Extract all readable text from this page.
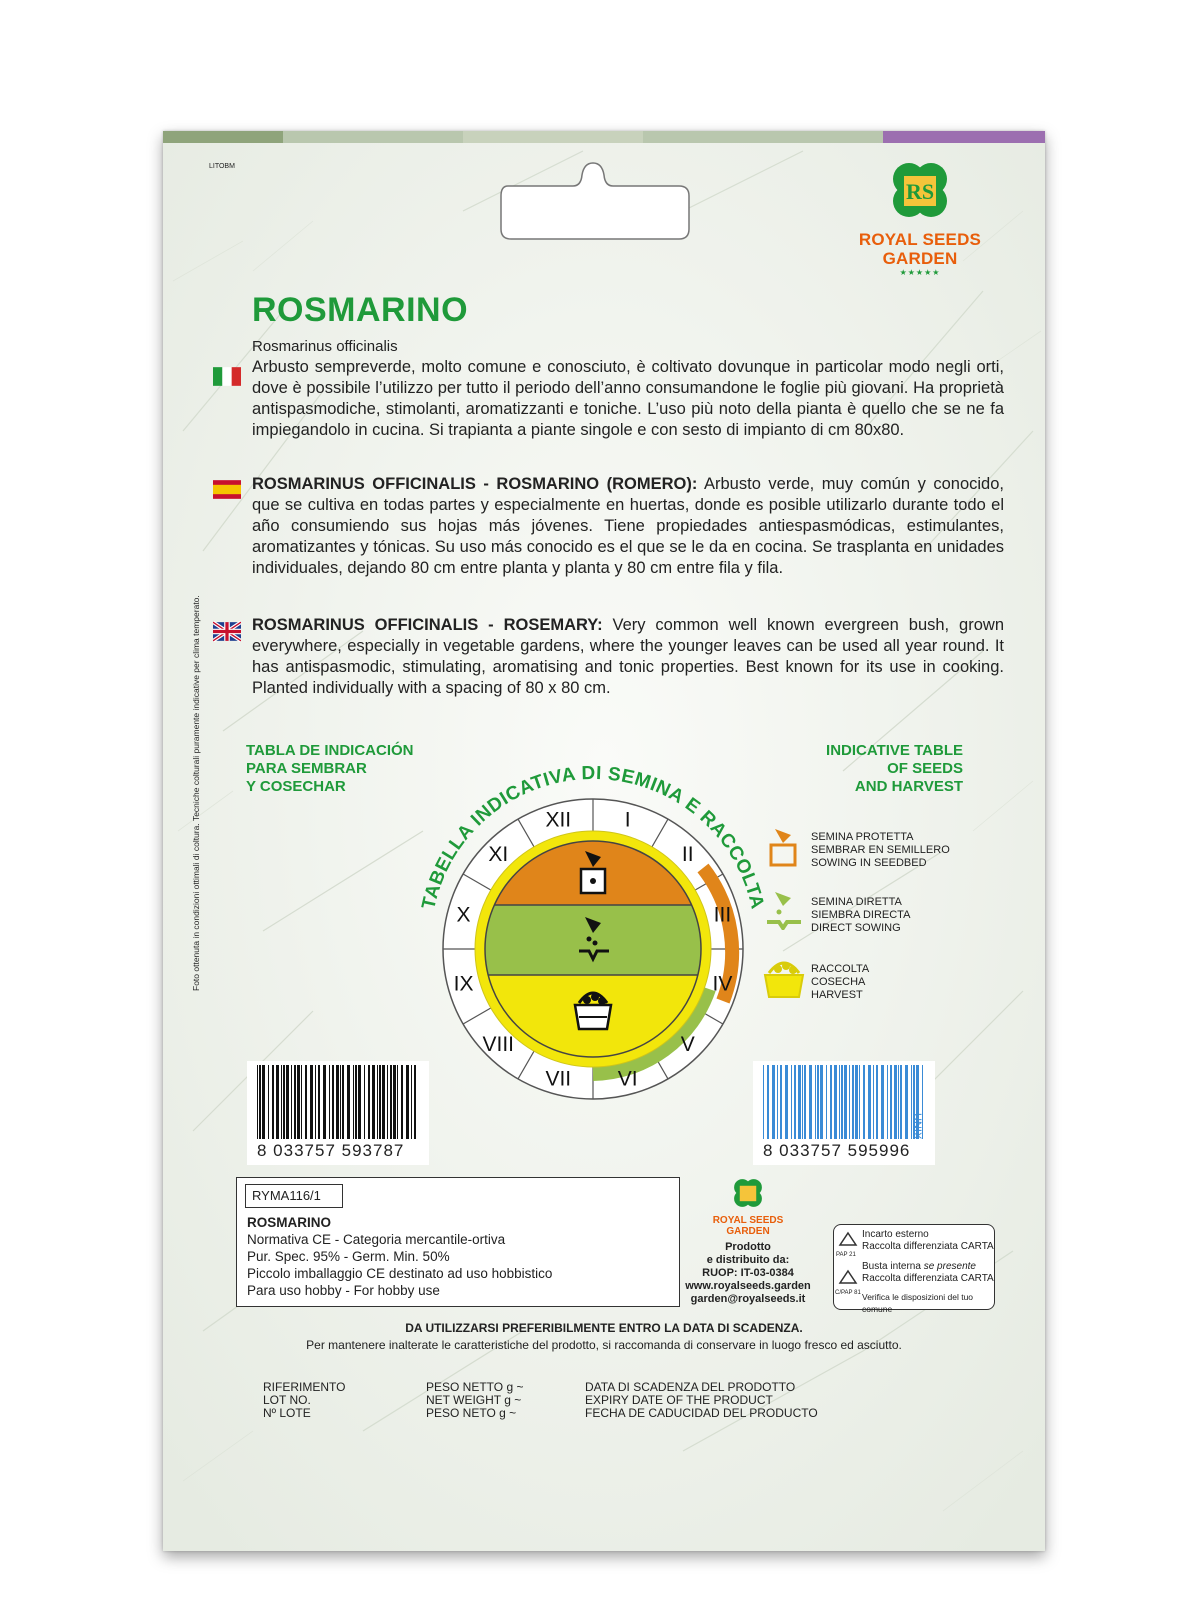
LITOBM
RS
ROYAL SEEDS
GARDEN
★★★★★
ROSMARINO
Rosmarinus officinalis
Arbusto sempreverde, molto comune e conosciuto, è coltivato dovunque in particolar modo negli orti, dove è possibile l’utilizzo per tutto il periodo dell’anno consumandone le foglie più giovani. Ha proprietà antispasmodiche, stimolanti, aromatizzanti e toniche. L’uso più noto della pianta è quello che se ne fa impiegandolo in cucina. Si trapianta a piante singole e con sesto di impianto di cm 80x80.
ROSMARINUS OFFICINALIS - ROSMARINO (ROMERO): Arbusto verde, muy común y conocido, que se cultiva en todas partes y especialmente en huertas, donde es posible utilizarlo durante todo el año consumiendo sus hojas más jóvenes. Tiene propiedades antiespasmódicas, estimulantes, aromatizantes y tónicas. Su uso más conocido es el que se le da en cocina. Se trasplanta en unidades individuales, dejando 80 cm entre planta y planta y 80 cm entre fila y fila.
ROSMARINUS OFFICINALIS - ROSEMARY: Very common well known evergreen bush, grown everywhere, especially in vegetable gardens, where the younger leaves can be used all year round. It has antispasmodic, stimulating, aromatising and tonic properties. Best known for its use in cooking. Planted individually with a spacing of 80 x 80 cm.
TABLA DE INDICACIÓN
PARA SEMBRAR
Y COSECHAR
INDICATIVE TABLE
OF SEEDS
AND HARVEST
TABELLA INDICATIVA DI SEMINA E RACCOLTA
I
II
III
IV
V
VI
VII
VIII
IX
X
XI
XII
SEMINA PROTETTA
SEMBRAR EN SEMILLERO
SOWING IN SEEDBED
SEMINA DIRETTA
SIEMBRA DIRECTA
DIRECT SOWING
RACCOLTA
COSECHA
HARVEST
8 033757 593787	8 033757 595996
UNIX
Foto ottenuta in condizioni ottimali di coltura. Tecniche colturali puramente indicative per clima temperato.
RYMA116/1
ROSMARINO
Normativa CE - Categoria mercantile-ortiva
Pur. Spec. 95% - Germ. Min. 50%
Piccolo imballaggio CE destinato ad uso hobbistico
Para uso hobby - For hobby use
ROYAL SEEDS
GARDEN
Prodotto
e distribuito da:
RUOP: IT-03-0384
www.royalseeds.garden
garden@royalseeds.it
PAP 21
C/PAP 81
Incarto esterno
Raccolta differenziata CARTA
Busta interna se presente
Raccolta differenziata CARTA
Verifica le disposizioni del tuo comune
DA UTILIZZARSI PREFERIBILMENTE ENTRO LA DATA DI SCADENZA.
Per mantenere inalterate le caratteristiche del prodotto, si raccomanda di conservare in luogo fresco ed asciutto.
RIFERIMENTO
LOT NO.
Nº LOTE
PESO NETTO g ~
NET WEIGHT g ~
PESO NETO g ~
DATA DI SCADENZA DEL PRODOTTO
EXPIRY DATE OF THE PRODUCT
FECHA DE CADUCIDAD DEL PRODUCTO
